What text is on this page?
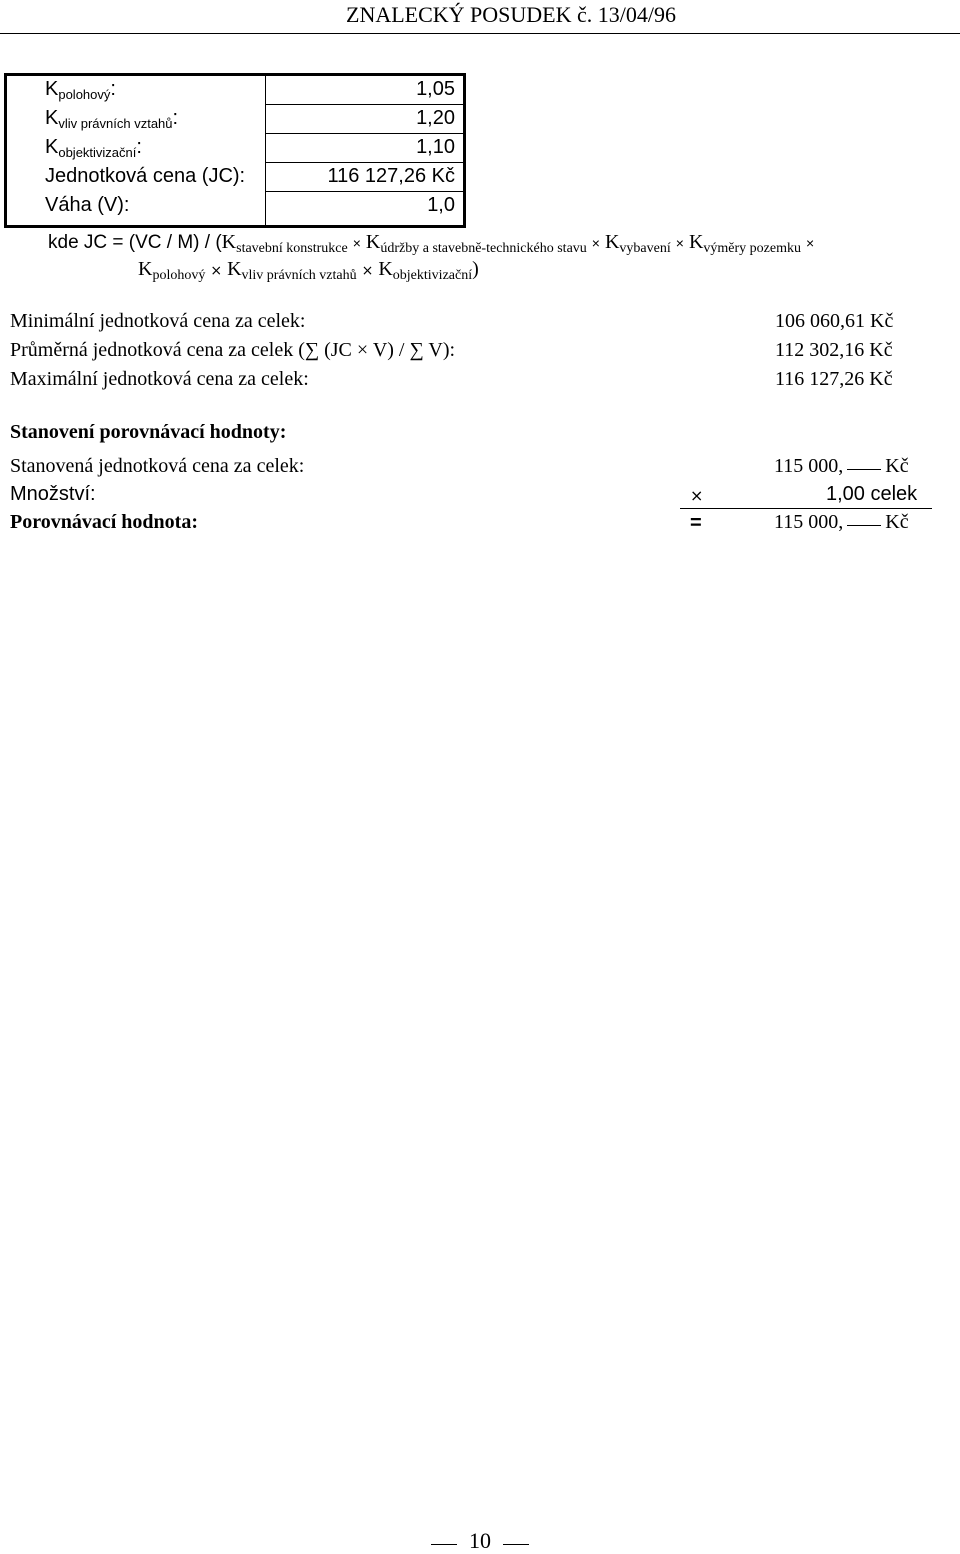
ZNALECKÝ POSUDEK č. 13/04/96
$K_{polohový}$:	1,05
$K_{vliv právních vztahů}$:	1,20
$K_{objektivizační}$:	1,10
Jednotková cena (JC):	116 127,26 Kč
Váha (V):	1,0
kde JC = $(VC / M) / (K_{stavební konstrukce} \times K_{údržby a stavebně-technického stavu} \times K_{vybavení} \times K_{výměry pozemku}$ ×
$K_{polohový} \times K_{vliv právních vztahů} \times K_{objektivizační}$)
Minimální jednotková cena za celek:	106 060,61 Kč
Průměrná jednotková cena za celek (∑ (JC × V) / ∑ V):	112 302,16 Kč
Maximální jednotková cena za celek:	116 127,26 Kč
Stanovení porovnávací hodnoty:
Stanovená jednotková cena za celek:	115 000, Kč
Množství:	×	1,00 celek
Porovnávací hodnota:	=	115 000, Kč
10
